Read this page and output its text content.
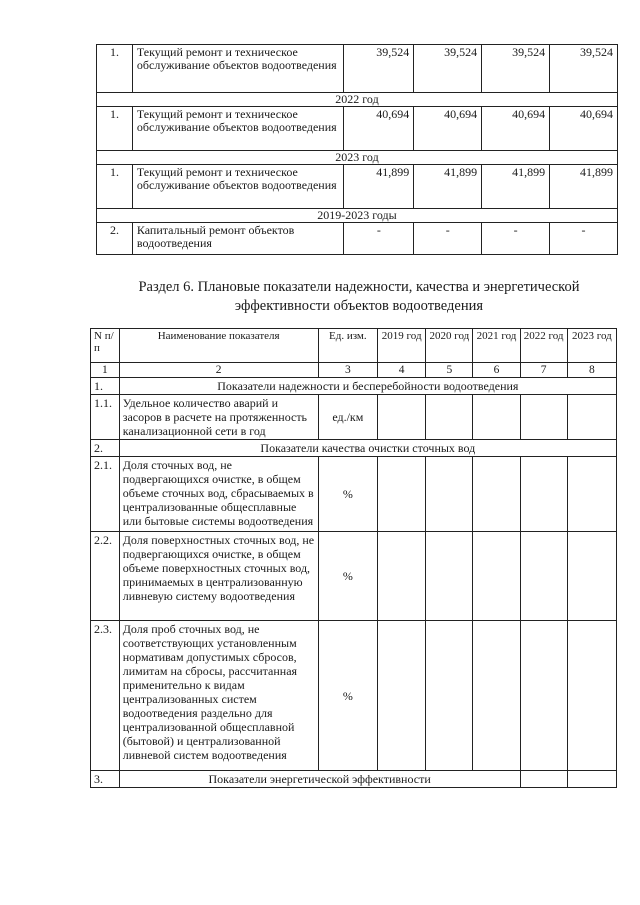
1.	Текущий ремонт и техническое обслуживание объектов водоотведения	39,524	39,524	39,524	39,524
2022 год					
1.	Текущий ремонт и техническое обслуживание объектов водоотведения	40,694	40,694	40,694	40,694
2023 год					
1.	Текущий ремонт и техническое обслуживание объектов водоотведения	41,899	41,899	41,899	41,899
2019-2023 годы					
2.	Капитальный ремонт объектов водоотведения	-	-	-	-
Раздел 6. Плановые показатели надежности, качества и энергетической эффективности объектов водоотведения
N п/п	Наименование показателя	Ед. изм.	2019 год	2020 год	2021 год	2022 год	2023 год
1	2	3	4	5	6	7	8
1.	Показатели надежности и бесперебойности водоотведения						
1.1.	Удельное количество аварий и засоров в расчете на протяженность канализационной сети в год	ед./км					
2.	Показатели качества очистки сточных вод						
2.1.	Доля сточных вод, не подвергающихся очистке, в общем объеме сточных вод, сбрасываемых в централизованные общесплавные или бытовые системы водоотведения	%					
2.2.	Доля поверхностных сточных вод, не подвергающихся очистке, в общем объеме поверхностных сточных вод, принимаемых в централизованную ливневую систему водоотведения	%					
2.3.	Доля проб сточных вод, не соответствующих установленным нормативам допустимых сбросов, лимитам на сбросы, рассчитанная применительно к видам централизованных систем водоотведения раздельно для централизованной общесплавной (бытовой) и централизованной ливневой систем водоотведения	%					
3.	Показатели энергетической эффективности						
